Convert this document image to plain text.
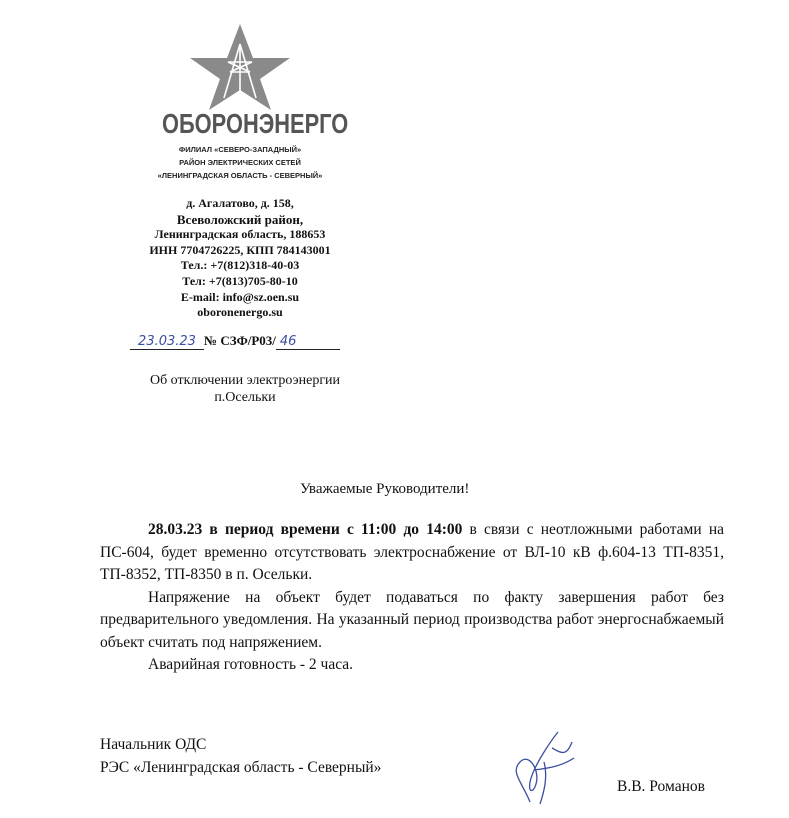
ОБОРОНЭНЕРГО
ФИЛИАЛ «СЕВЕРО-ЗАПАДНЫЙ»
РАЙОН ЭЛЕКТРИЧЕСКИХ СЕТЕЙ
«ЛЕНИНГРАДСКАЯ ОБЛАСТЬ - СЕВЕРНЫЙ»
д. Агалатово, д. 158,
Всеволожский район,
Ленинградская область, 188653
ИНН 7704726225, КПП 784143001
Тел.: +7(812)318-40-03
Тел: +7(813)705-80-10
E-mail: info@sz.oen.su
oboronenergo.su
23.03.23 № СЗФ/Р03/ 46
Об отключении электроэнергии
п.Осельки
Уважаемые Руководители!

28.03.23 в период времени с 11:00 до 14:00 в связи с неотложными работами на ПС-604, будет временно отсутствовать электроснабжение от ВЛ-10 кВ ф.604-13 ТП-8351, ТП-8352, ТП-8350 в п. Осельки.

Напряжение на объект будет подаваться по факту завершения работ без предварительного уведомления. На указанный период производства работ энергоснабжаемый объект считать под напряжением.

Аварийная готовность - 2 часа.

Начальник ОДС
РЭС «Ленинградская область - Северный»
В.В. Романов
